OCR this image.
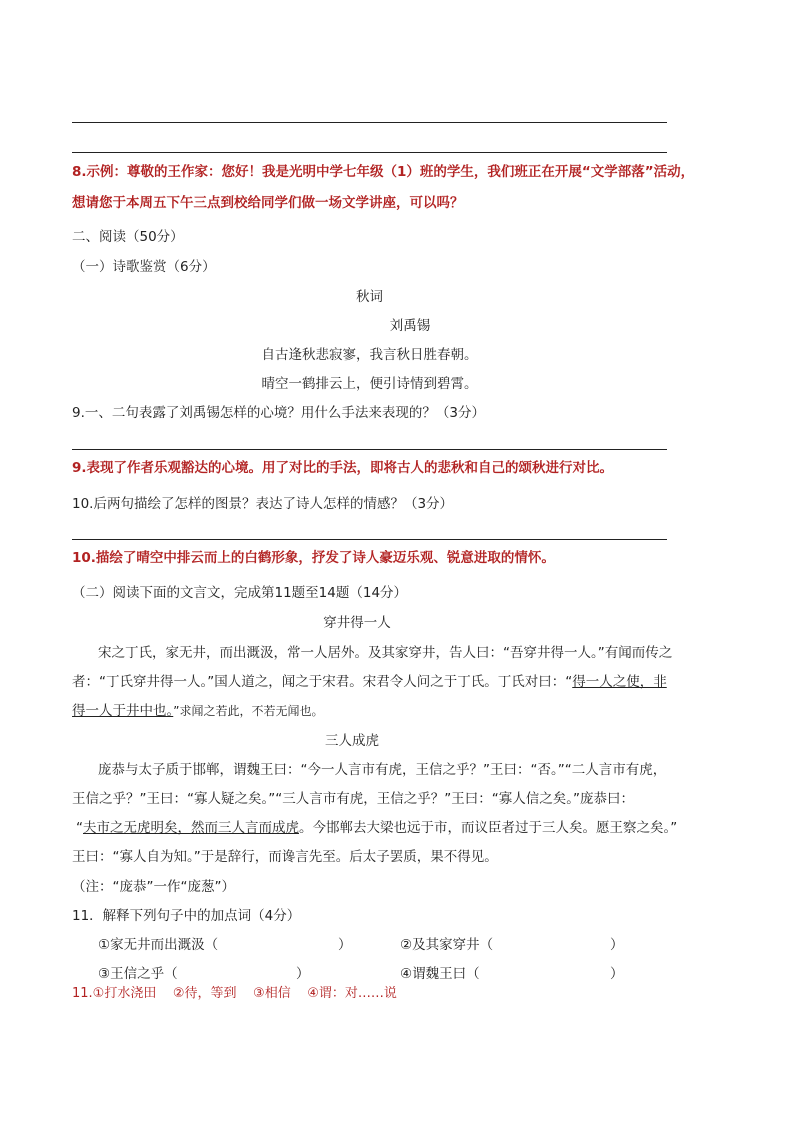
8.示例：尊敬的王作家：您好！我是光明中学七年级（1）班的学生，我们班正在开展“文学部落”活动，
想请您于本周五下午三点到校给同学们做一场文学讲座，可以吗？
二、阅读（50分）
（一）诗歌鉴赏（6分）
秋词
刘禹锡
自古逢秋悲寂寥，我言秋日胜春朝。
晴空一鹤排云上，便引诗情到碧霄。
9.一、二句表露了刘禹锡怎样的心境？用什么手法来表现的？（3分）
9.表现了作者乐观豁达的心境。用了对比的手法，即将古人的悲秋和自己的颂秋进行对比。
10.后两句描绘了怎样的图景？表达了诗人怎样的情感？（3分）
10.描绘了晴空中排云而上的白鹤形象，抒发了诗人豪迈乐观、锐意进取的情怀。
（二）阅读下面的文言文，完成第11题至14题（14分）
穿井得一人
宋之丁氏，家无井，而出溉汲，常一人居外。及其家穿井，告人曰：“吾穿井得一人。”有闻而传之
者：“丁氏穿井得一人。”国人道之，闻之于宋君。宋君令人问之于丁氏。丁氏对曰：“得一人之使，非
得一人于井中也。”求闻之若此，不若无闻也。
三人成虎
庞恭与太子质于邯郸，谓魏王曰：“今一人言市有虎，王信之乎？”王曰：“否。”“二人言市有虎，
王信之乎？”王曰：“寡人疑之矣。”“三人言市有虎，王信之乎？”王曰：“寡人信之矣。”庞恭曰：
“夫市之无虎明矣，然而三人言而成虎。今邯郸去大梁也远于市，而议臣者过于三人矣。愿王察之矣。”
王曰：“寡人自为知。”于是辞行，而谗言先至。后太子罢质，果不得见。
（注：“庞恭”一作“庞葱”）
11．解释下列句子中的加点词（4分）
①家无井而出溉汲（	）	②及其家穿井（	）
③王信之乎（	）	④谓魏王曰（	）
11.①打水浇田    ②待，等到    ③相信    ④谓：对……说
